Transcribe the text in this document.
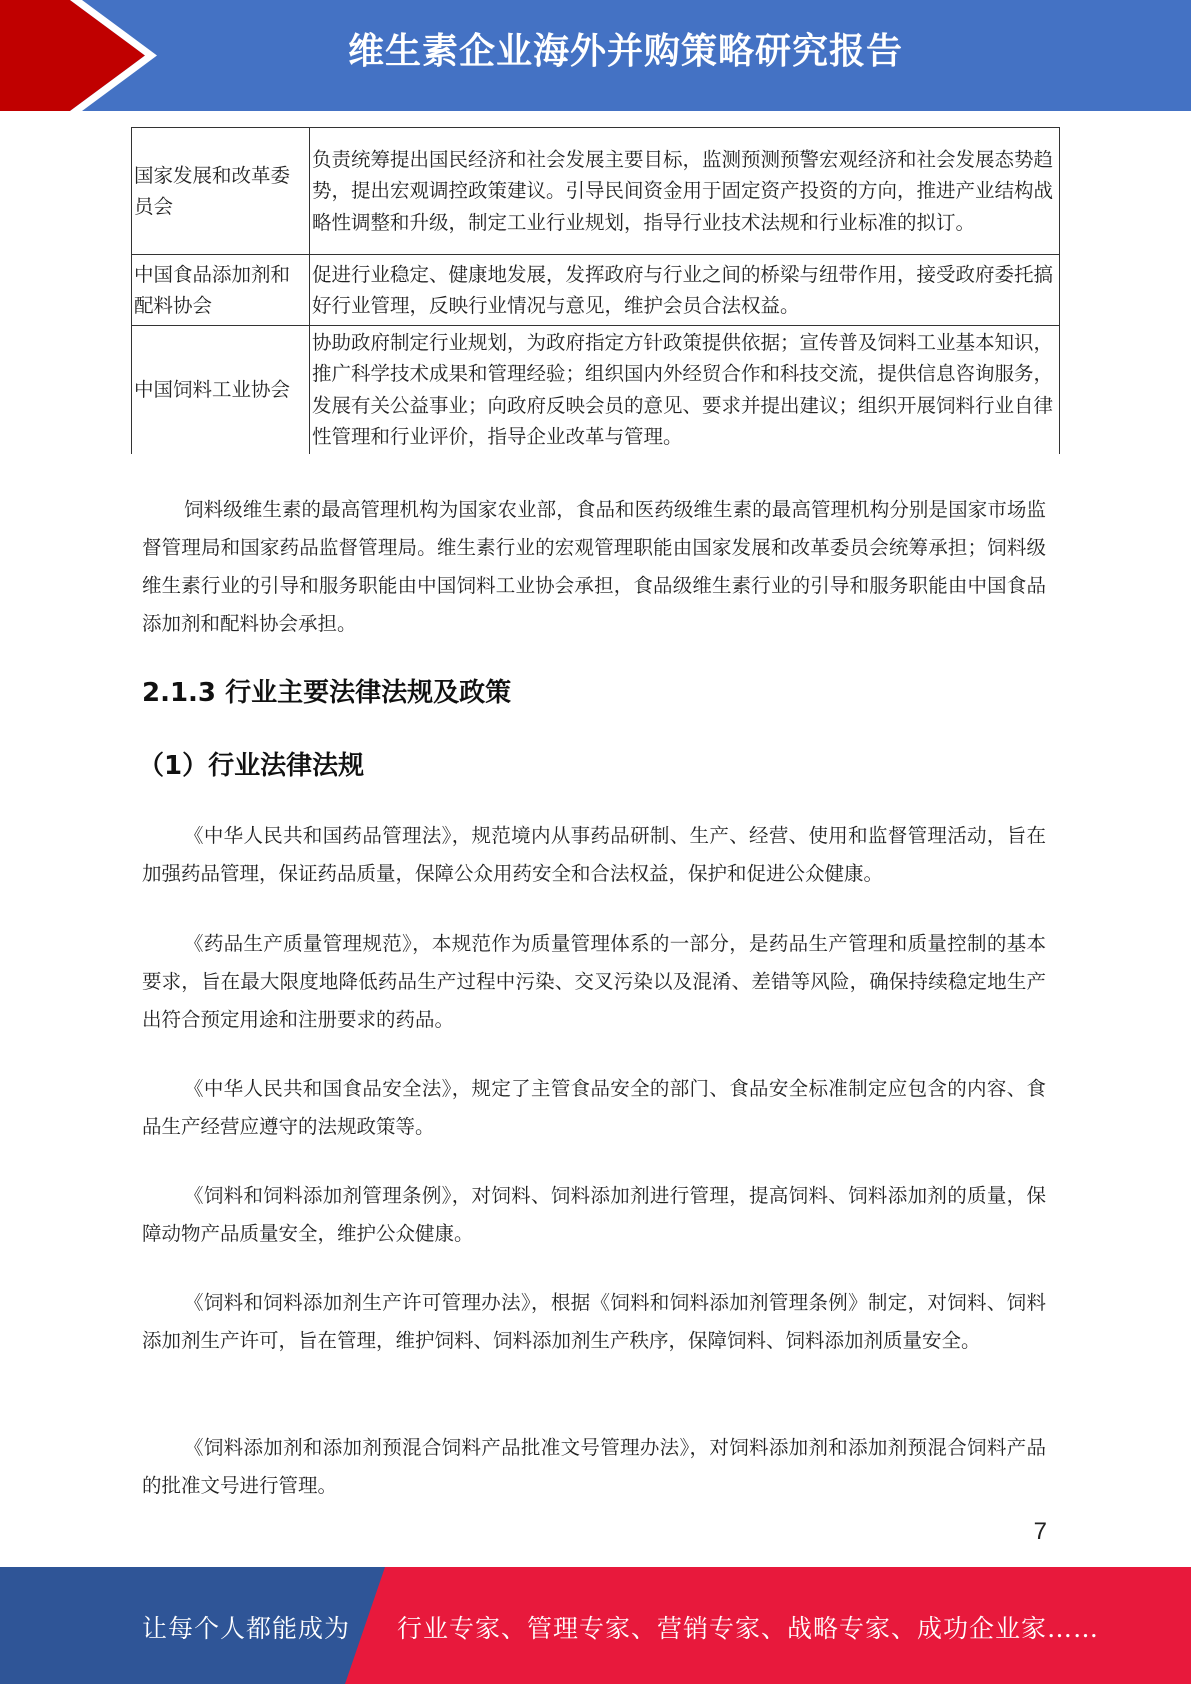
维生素企业海外并购策略研究报告
国家发展和改革委员会	负责统筹提出国民经济和社会发展主要目标，监测预测预警宏观经济和社会发展态势趋势，提出宏观调控政策建议。引导民间资金用于固定资产投资的方向，推进产业结构战略性调整和升级，制定工业行业规划，指导行业技术法规和行业标准的拟订。
中国食品添加剂和配料协会	促进行业稳定、健康地发展，发挥政府与行业之间的桥梁与纽带作用，接受政府委托搞好行业管理，反映行业情况与意见，维护会员合法权益。
中国饲料工业协会	协助政府制定行业规划，为政府指定方针政策提供依据；宣传普及饲料工业基本知识，推广科学技术成果和管理经验；组织国内外经贸合作和科技交流，提供信息咨询服务，发展有关公益事业；向政府反映会员的意见、要求并提出建议；组织开展饲料行业自律性管理和行业评价，指导企业改革与管理。

饲料级维生素的最高管理机构为国家农业部，食品和医药级维生素的最高管理机构分别是国家市场监督管理局和国家药品监督管理局。维生素行业的宏观管理职能由国家发展和改革委员会统筹承担；饲料级维生素行业的引导和服务职能由中国饲料工业协会承担，食品级维生素行业的引导和服务职能由中国食品添加剂和配料协会承担。

2.1.3 行业主要法律法规及政策
（1）行业法律法规

《中华人民共和国药品管理法》，规范境内从事药品研制、生产、经营、使用和监督管理活动，旨在加强药品管理，保证药品质量，保障公众用药安全和合法权益，保护和促进公众健康。

《药品生产质量管理规范》，本规范作为质量管理体系的一部分，是药品生产管理和质量控制的基本要求，旨在最大限度地降低药品生产过程中污染、交叉污染以及混淆、差错等风险，确保持续稳定地生产出符合预定用途和注册要求的药品。

《中华人民共和国食品安全法》，规定了主管食品安全的部门、食品安全标准制定应包含的内容、食品生产经营应遵守的法规政策等。

《饲料和饲料添加剂管理条例》，对饲料、饲料添加剂进行管理，提高饲料、饲料添加剂的质量，保障动物产品质量安全，维护公众健康。

《饲料和饲料添加剂生产许可管理办法》，根据《饲料和饲料添加剂管理条例》制定，对饲料、饲料添加剂生产许可，旨在管理，维护饲料、饲料添加剂生产秩序，保障饲料、饲料添加剂质量安全。

《饲料添加剂和添加剂预混合饲料产品批准文号管理办法》，对饲料添加剂和添加剂预混合饲料产品的批准文号进行管理。

7
让每个人都能成为 行业专家、管理专家、营销专家、战略专家、成功企业家……
